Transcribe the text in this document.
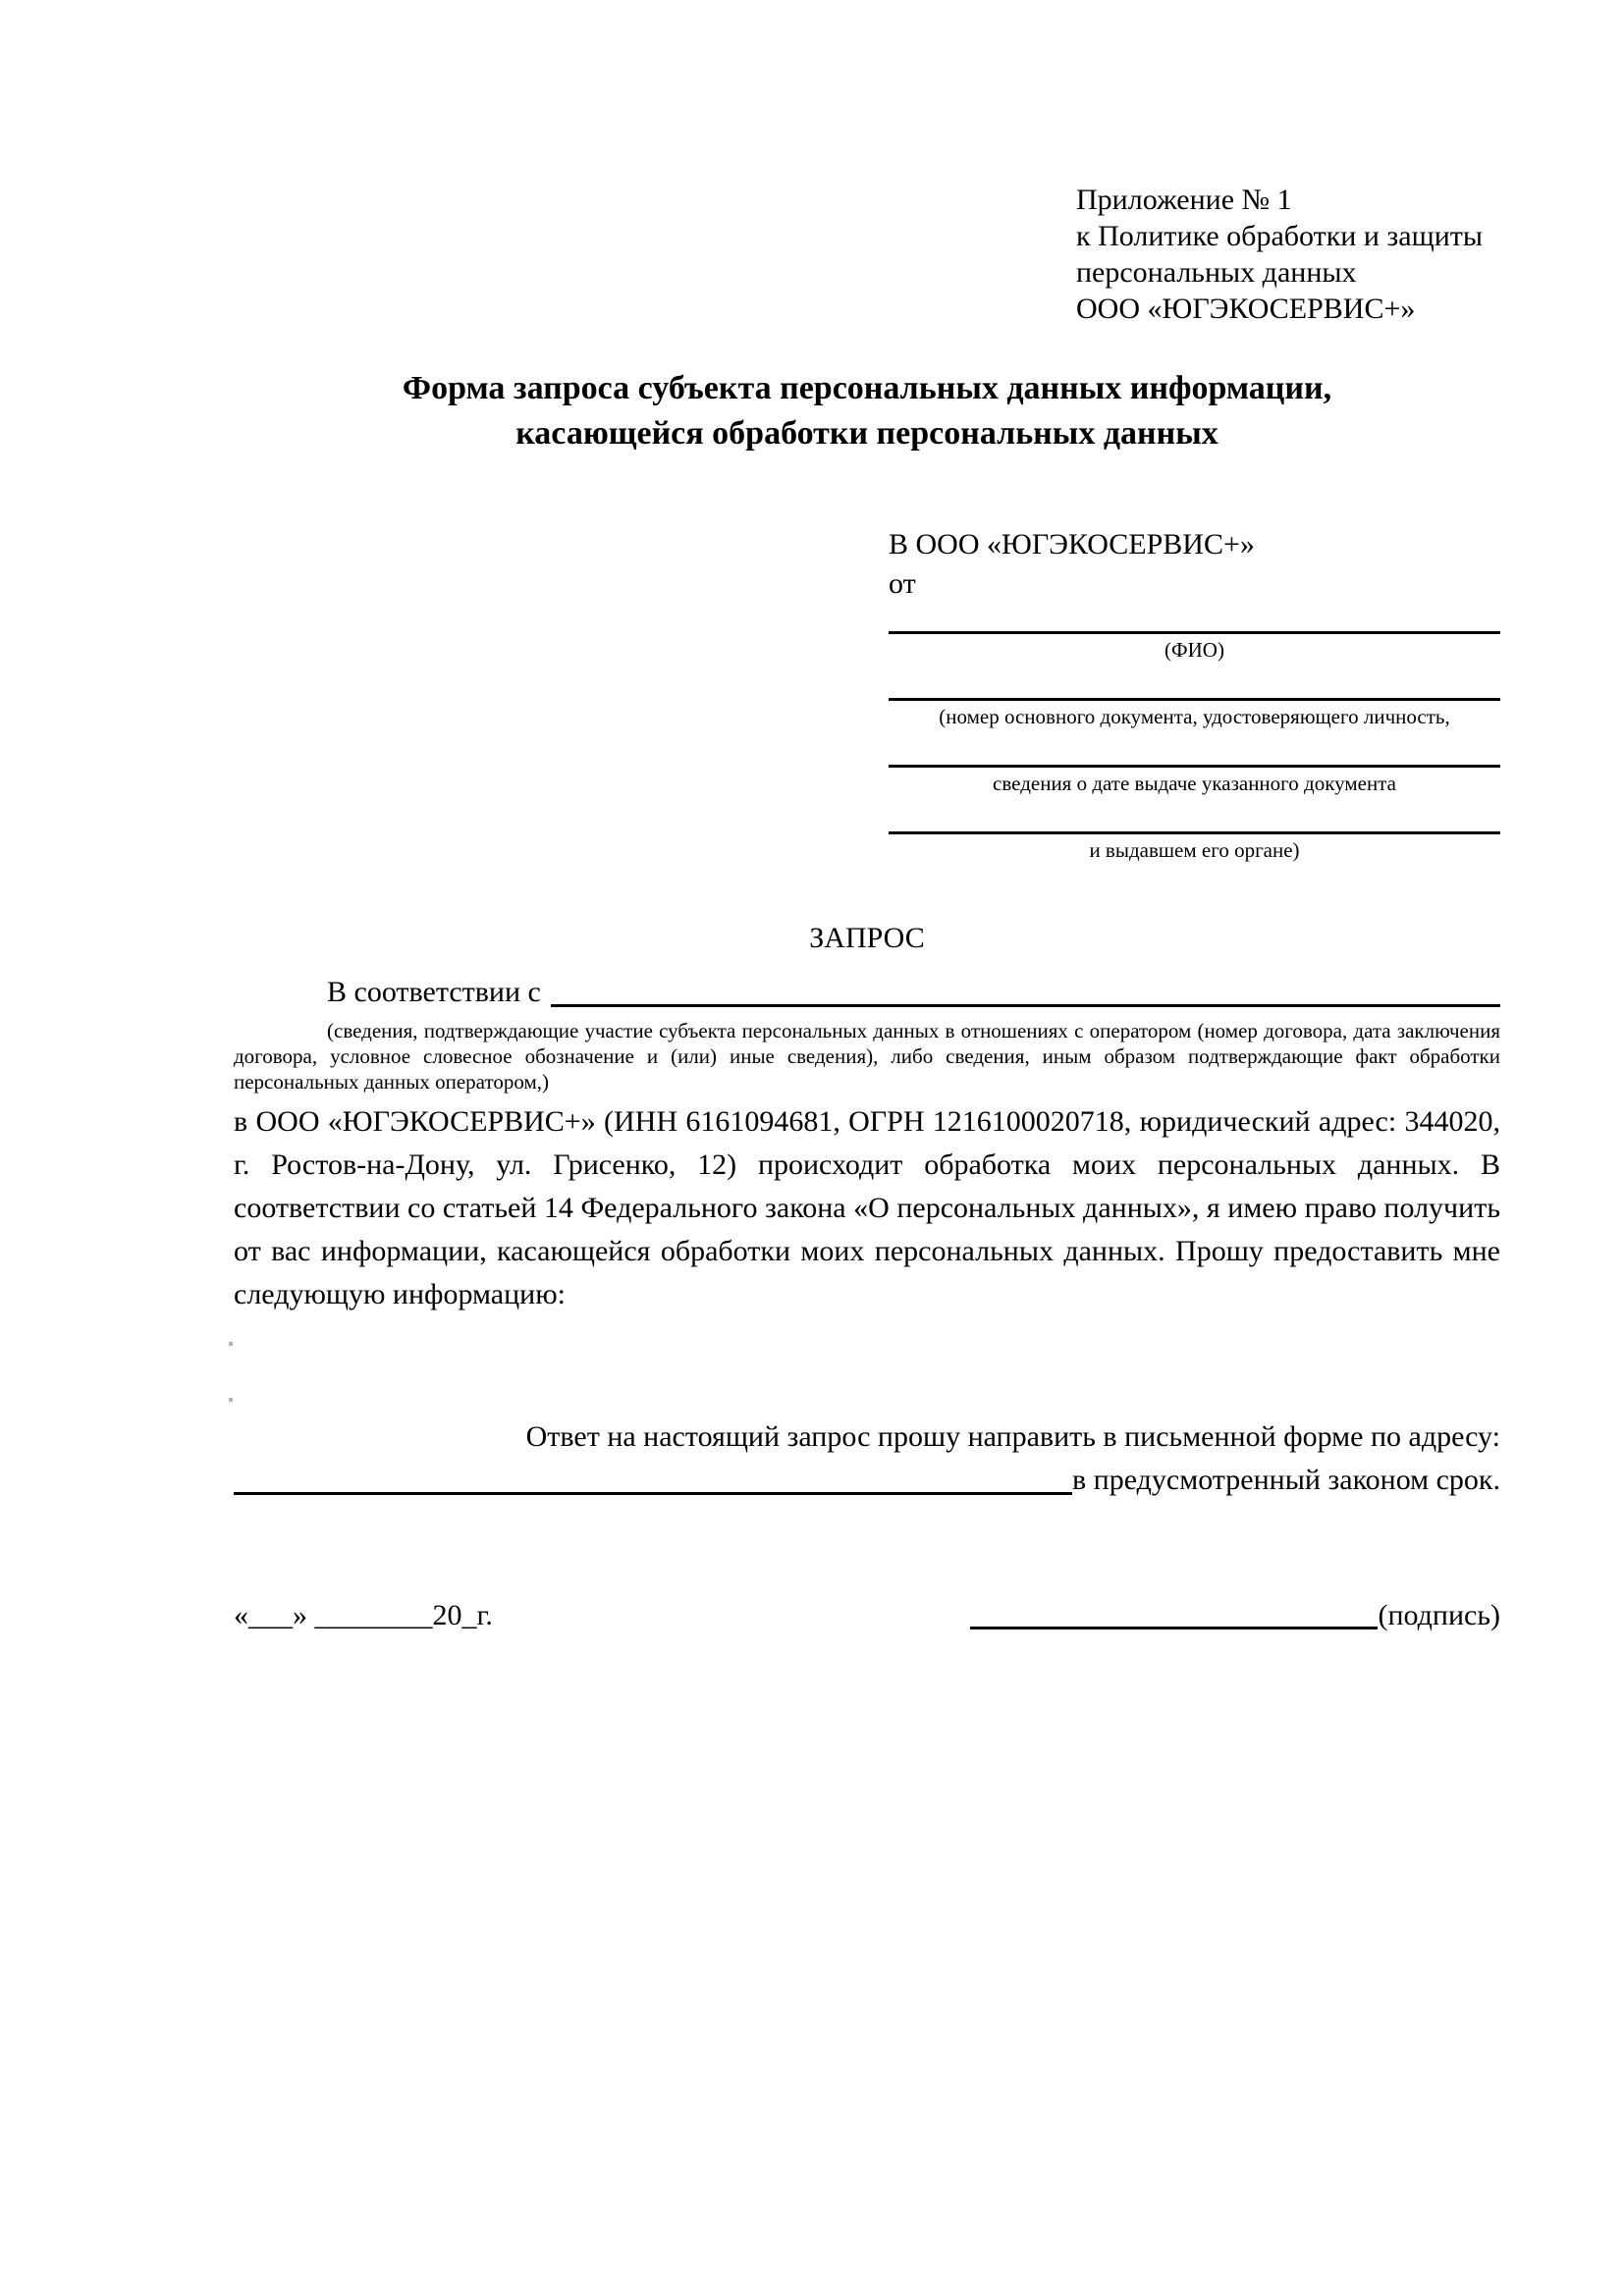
Приложение № 1
к Политике обработки и защиты
персональных данных
ООО «ЮГЭКОСЕРВИС+»
Форма запроса субъекта персональных данных информации,
касающейся обработки персональных данных
В ООО «ЮГЭКОСЕРВИС+»
от
(ФИО)
(номер основного документа, удостоверяющего личность,
сведения о дате выдаче указанного документа
и выдавшем его органе)
ЗАПРОС
В соответствии с
(сведения, подтверждающие участие субъекта персональных данных в отношениях с оператором (номер договора, дата заключения договора, условное словесное обозначение и (или) иные сведения), либо сведения, иным образом подтверждающие факт обработки персональных данных оператором,)
в ООО «ЮГЭКОСЕРВИС+» (ИНН 6161094681, ОГРН 1216100020718, юридический адрес: 344020, г. Ростов-на-Дону, ул. Грисенко, 12) происходит обработка моих персональных данных. В соответствии со статьей 14 Федерального закона «О персональных данных», я имею право получить от вас информации, касающейся обработки моих персональных данных. Прошу предоставить мне следующую информацию:
Ответ на настоящий запрос прошу направить в письменной форме по адресу:
в предусмотренный законом срок.
«___» ________20_г.	(подпись)
